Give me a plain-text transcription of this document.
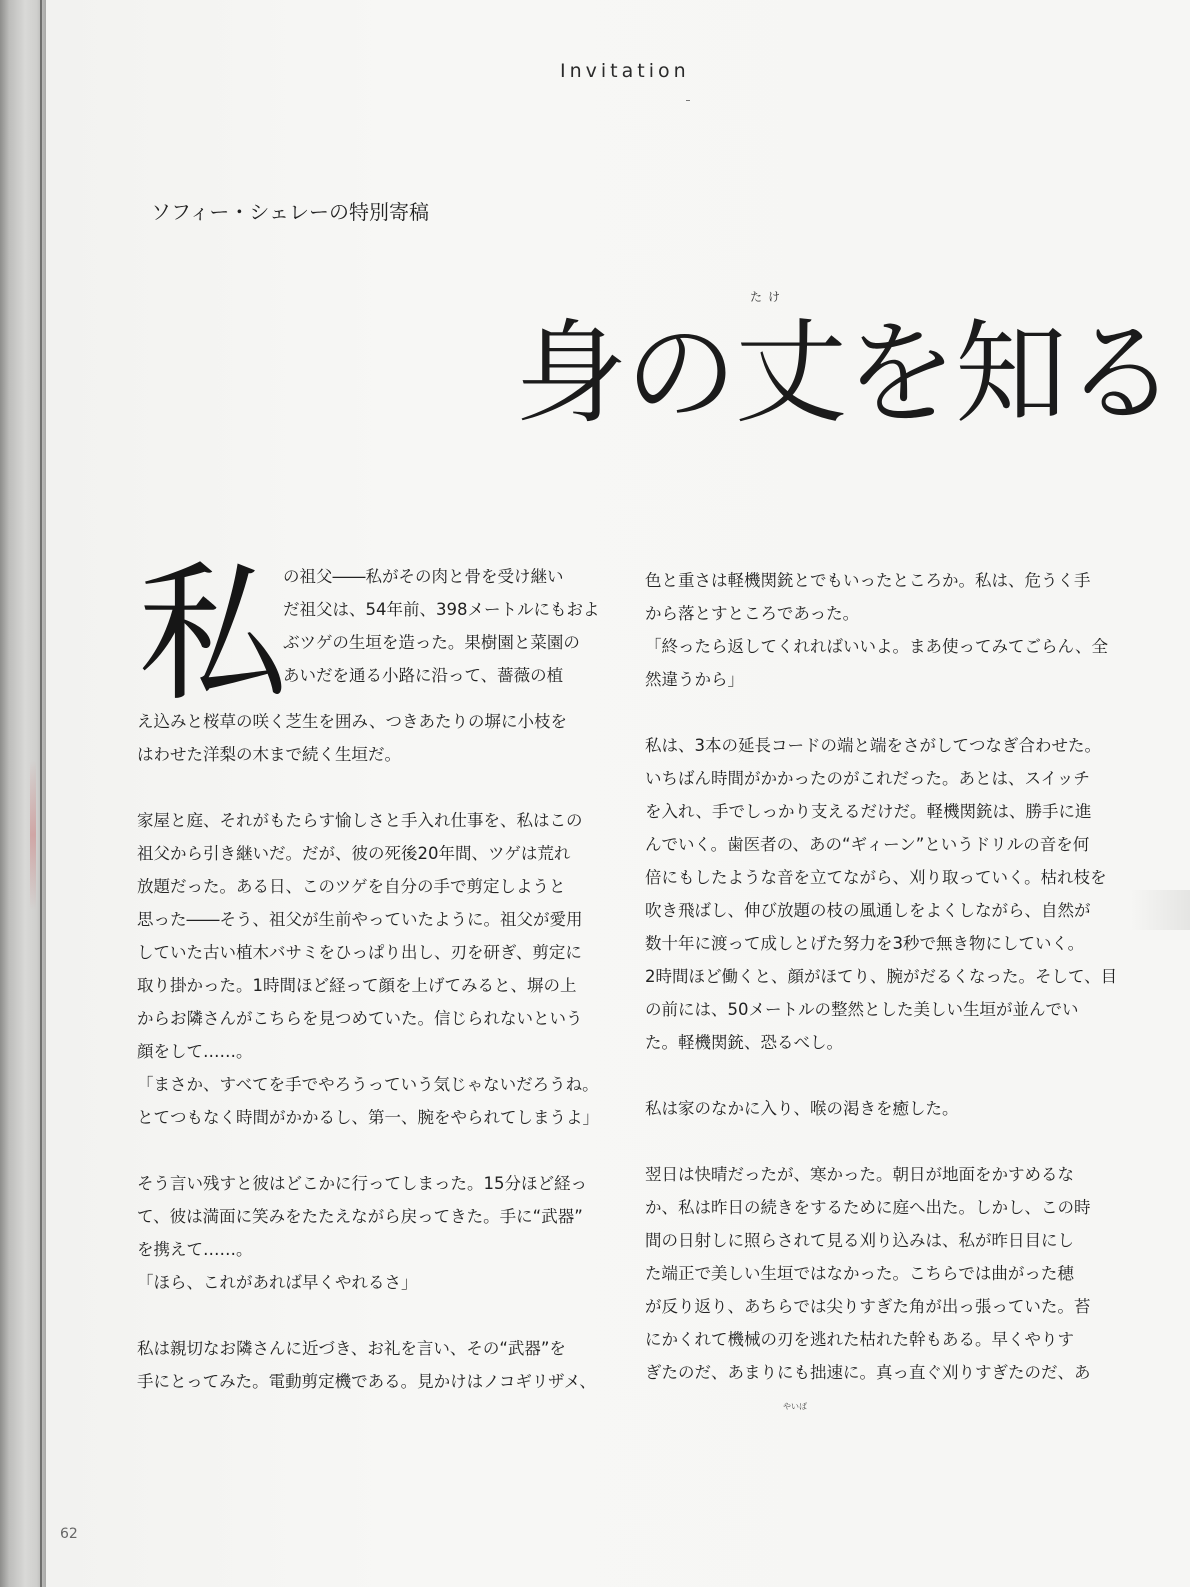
Invitation
ソフィー・シェレーの特別寄稿
たけ
身の丈を知る
私

の祖父――私がその肉と骨を受け継い

だ祖父は、54年前、398メートルにもおよ

ぶツゲの生垣を造った。果樹園と菜園の

あいだを通る小路に沿って、薔薇の植

え込みと桜草の咲く芝生を囲み、つきあたりの塀に小枝を

はわせた洋梨の木まで続く生垣だ。

家屋と庭、それがもたらす愉しさと手入れ仕事を、私はこの

祖父から引き継いだ。だが、彼の死後20年間、ツゲは荒れ

放題だった。ある日、このツゲを自分の手で剪定しようと

思った――そう、祖父が生前やっていたように。祖父が愛用

していた古い植木バサミをひっぱり出し、刃を研ぎ、剪定に

取り掛かった。1時間ほど経って顔を上げてみると、塀の上

からお隣さんがこちらを見つめていた。信じられないという

顔をして……。

「まさか、すべてを手でやろうっていう気じゃないだろうね。

とてつもなく時間がかかるし、第一、腕をやられてしまうよ」

そう言い残すと彼はどこかに行ってしまった。15分ほど経っ

て、彼は満面に笑みをたたえながら戻ってきた。手に“武器”

を携えて……。

「ほら、これがあれば早くやれるさ」

私は親切なお隣さんに近づき、お礼を言い、その“武器”を

手にとってみた。電動剪定機である。見かけはノコギリザメ、

色と重さは軽機関銃とでもいったところか。私は、危うく手

から落とすところであった。

「終ったら返してくれればいいよ。まあ使ってみてごらん、全

然違うから」

私は、3本の延長コードの端と端をさがしてつなぎ合わせた。

いちばん時間がかかったのがこれだった。あとは、スイッチ

を入れ、手でしっかり支えるだけだ。軽機関銃は、勝手に進

んでいく。歯医者の、あの“ギィーン”というドリルの音を何

倍にもしたような音を立てながら、刈り取っていく。枯れ枝を

吹き飛ばし、伸び放題の枝の風通しをよくしながら、自然が

数十年に渡って成しとげた努力を3秒で無き物にしていく。

2時間ほど働くと、顔がほてり、腕がだるくなった。そして、目

の前には、50メートルの整然とした美しい生垣が並んでい

た。軽機関銃、恐るべし。

私は家のなかに入り、喉の渇きを癒した。

翌日は快晴だったが、寒かった。朝日が地面をかすめるな

か、私は昨日の続きをするために庭へ出た。しかし、この時

間の日射しに照らされて見る刈り込みは、私が昨日目にし

た端正で美しい生垣ではなかった。こちらでは曲がった穂

が反り返り、あちらでは尖りすぎた角が出っ張っていた。苔

にかくれて機械の刃を逃れた枯れた幹もある。早くやりす

ぎたのだ、あまりにも拙速に。真っ直ぐ刈りすぎたのだ、あ

やいば
62
